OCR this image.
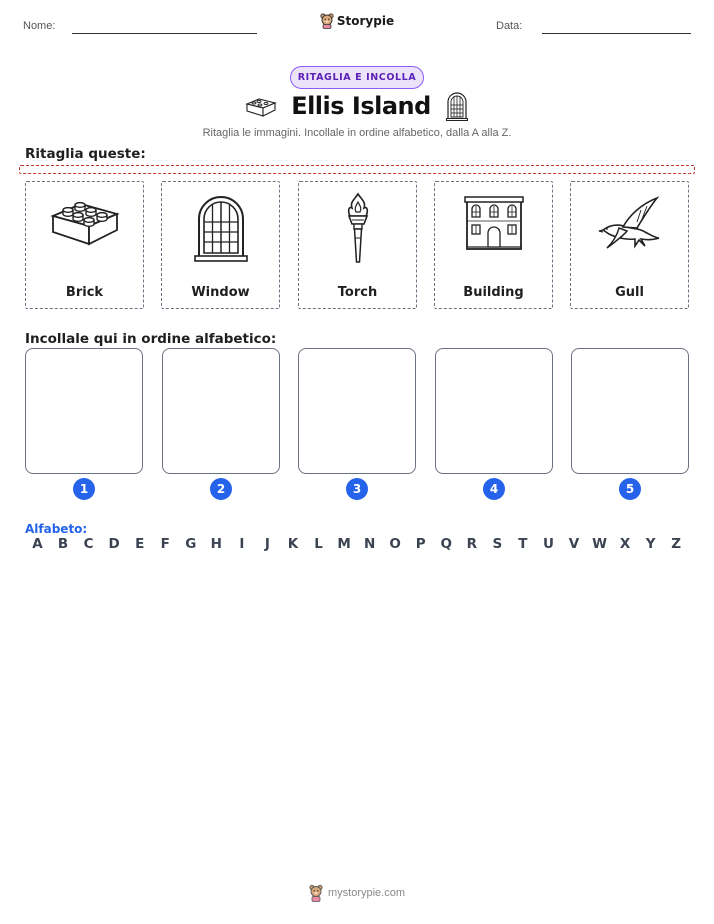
Nome:	Storypie	Data:
RITAGLIA E INCOLLA
Ellis Island
Ritaglia le immagini. Incollale in ordine alfabetico, dalla A alla Z.
Ritaglia queste:
Brick	Window	Torch	Building	Gull
Incollale qui in ordine alfabetico:
1	2	3	4	5
Alfabeto:
A	B	C	D	E	F	G	H	I	J	K	L	M N	O	P	Q	R	S	T	U	V W X	Y	Z
mystorypie.com
